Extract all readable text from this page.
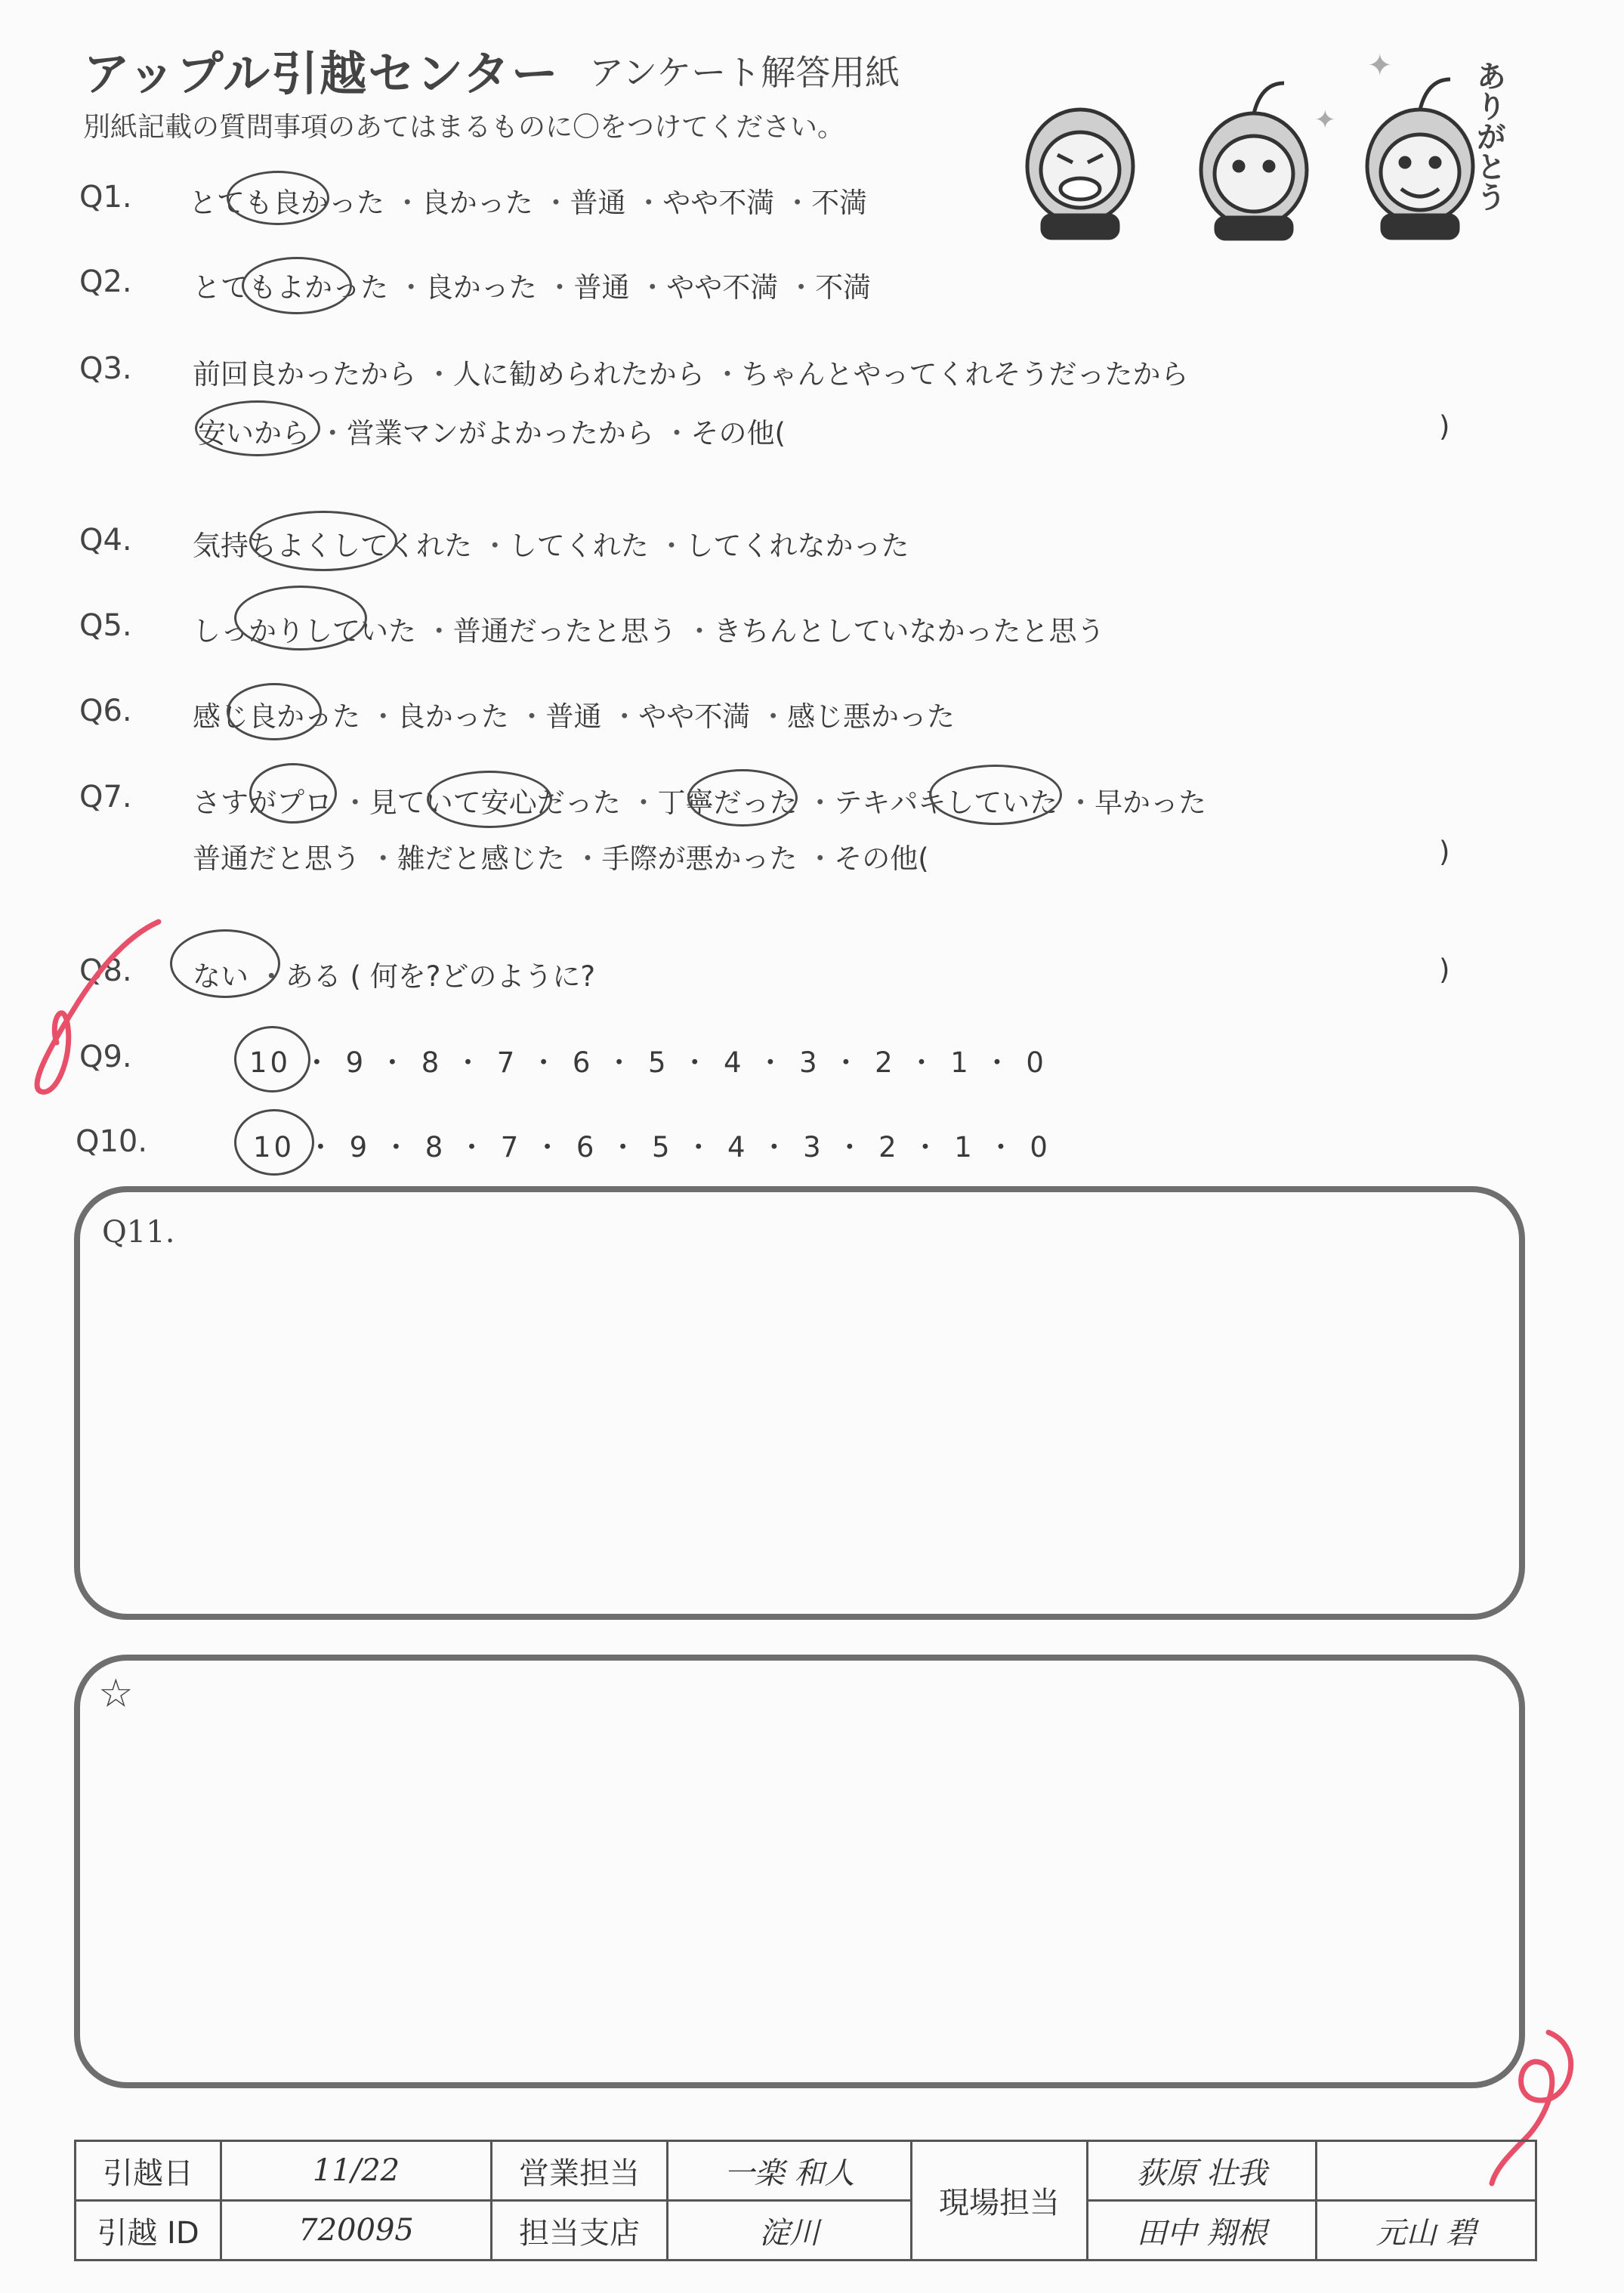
アップル引越センター アンケート解答用紙
別紙記載の質問事項のあてはまるものに〇をつけてください。
✦
✦	ありがとう
Q1. とても良かった ・良かった ・普通 ・やや不満 ・不満
Q2. とてもよかった ・良かった ・普通 ・やや不満 ・不満
Q3. 前回良かったから ・人に勧められたから ・ちゃんとやってくれそうだったから
安いから ・営業マンがよかったから ・その他(	)
Q4. 気持ちよくしてくれた ・してくれた ・してくれなかった
Q5. しっかりしていた ・普通だったと思う ・きちんとしていなかったと思う
Q6. 感じ良かった ・良かった ・普通 ・やや不満 ・感じ悪かった
Q7. さすがプロ ・見ていて安心だった ・丁寧だった ・テキパキしていた ・早かった
普通だと思う ・雑だと感じた ・手際が悪かった ・その他(	)
Q8. ない ・ある ( 何を?どのように?	)
Q9.	10 ・ 9 ・ 8 ・ 7 ・ 6 ・ 5 ・ 4 ・ 3 ・ 2 ・ 1 ・ 0
Q10.	10 ・ 9 ・ 8 ・ 7 ・ 6 ・ 5 ・ 4 ・ 3 ・ 2 ・ 1 ・ 0
Q11.
☆
引越日	11/22	営業担当	一楽 和人	現場担当	荻原 壮我	
引越 ID	720095	担当支店	淀川		田中 翔根	元山 碧
